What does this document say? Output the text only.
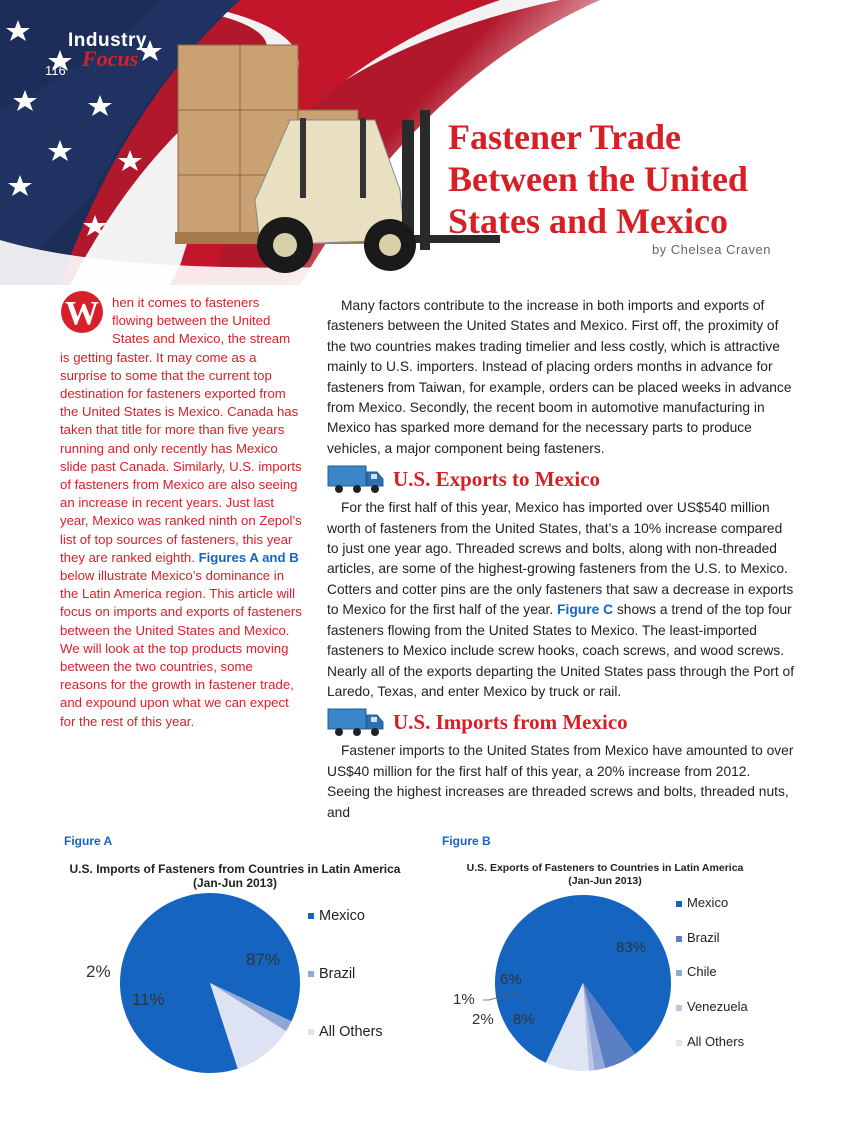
Industry
Focus
116
Fastener Trade
Between the United
States and Mexico
by Chelsea Craven

W hen it comes to fasteners flowing between the United States and Mexico, the stream is getting faster. It may come as a surprise to some that the current top destination for fasteners exported from the United States is Mexico. Canada has taken that title for more than five years running and only recently has Mexico slide past Canada. Similarly, U.S. imports of fasteners from Mexico are also seeing an increase in recent years. Just last year, Mexico was ranked ninth on Zepol’s list of top sources of fasteners, this year they are ranked eighth. Figures A and B below illustrate Mexico’s dominance in the Latin America region. This article will focus on imports and exports of fasteners between the United States and Mexico. We will look at the top products moving between the two countries, some reasons for the growth in fastener trade, and expound upon what we can expect for the rest of this year.

Many factors contribute to the increase in both imports and exports of fasteners between the United States and Mexico. First off, the proximity of the two countries makes trading timelier and less costly, which is attractive mainly to U.S. importers. Instead of placing orders months in advance for fasteners from Taiwan, for example, orders can be placed weeks in advance from Mexico. Secondly, the recent boom in automotive manufacturing in Mexico has sparked more demand for the necessary parts to produce vehicles, a major component being fasteners.

U.S. Exports to Mexico

For the first half of this year, Mexico has imported over US$540 million worth of fasteners from the United States, that’s a 10% increase compared to just one year ago. Threaded screws and bolts, along with non-threaded articles, are some of the highest-growing fasteners from the U.S. to Mexico. Cotters and cotter pins are the only fasteners that saw a decrease in exports to Mexico for the first half of the year. Figure C shows a trend of the top four fasteners flowing from the United States to Mexico. The least-imported fasteners to Mexico include screw hooks, coach screws, and wood screws. Nearly all of the exports departing the United States pass through the Port of Laredo, Texas, and enter Mexico by truck or rail.

U.S. Imports from Mexico

Fastener imports to the United States from Mexico have amounted to over US$40 million for the first half of this year, a 20% increase from 2012. Seeing the highest increases are threaded screws and bolts, threaded nuts, and

Figure A
U.S. Imports of Fasteners from Countries in Latin America
(Jan-Jun 2013)
87%
2%
11%
Mexico
Brazil
All Others
Figure B
U.S. Exports of Fasteners to Countries in Latin America
(Jan-Jun 2013)
83%
6%
2%
1%
8%
Mexico
Brazil
Chile
Venezuela
All Others
